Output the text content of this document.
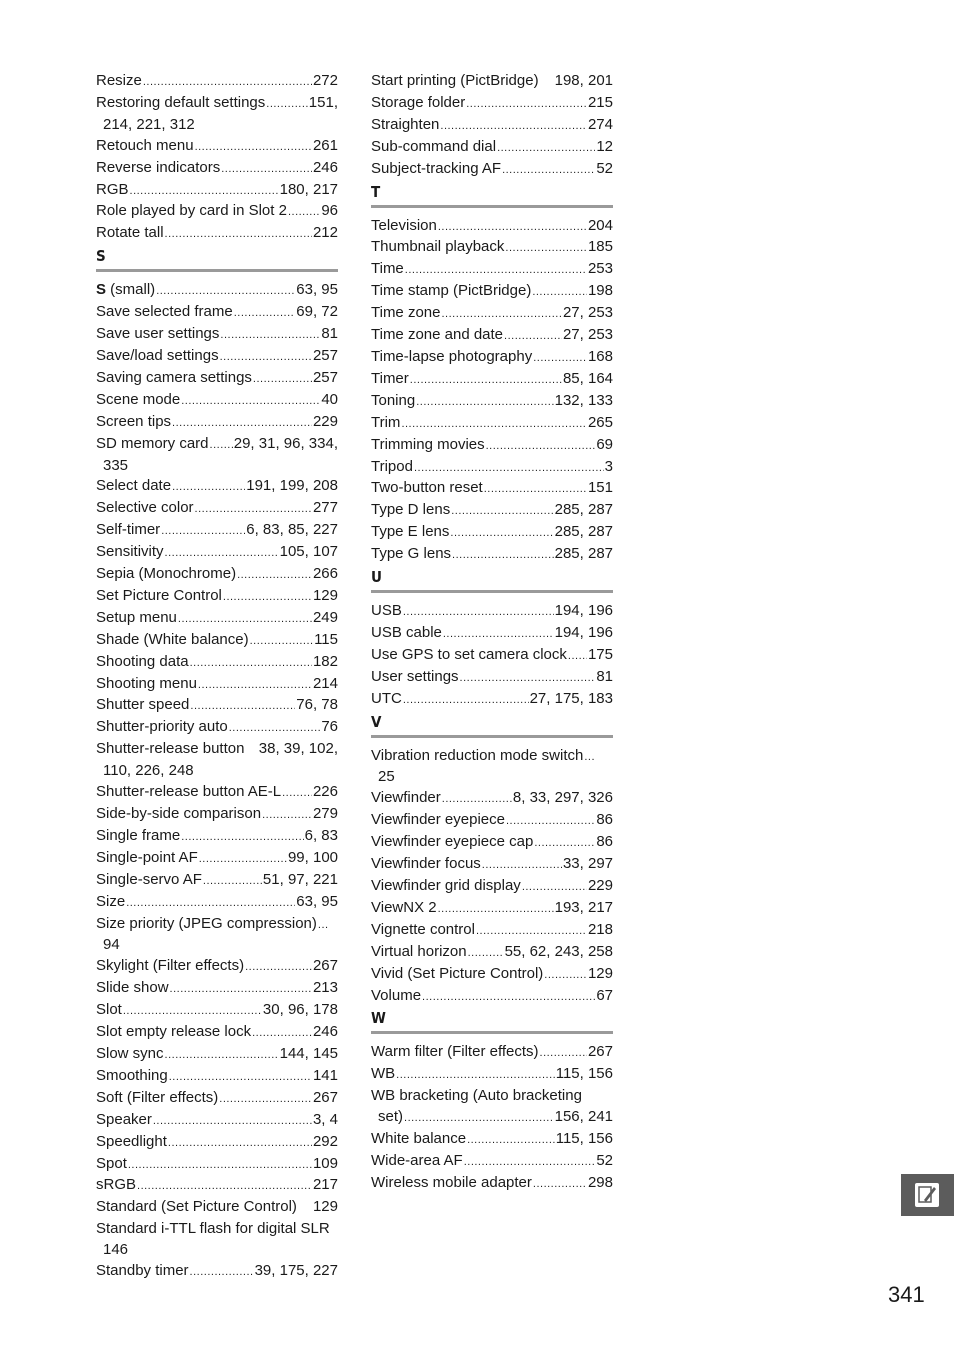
Resize .....	272
Restoring default settings .....	151,
214, 221, 312
Retouch menu .....	261
Reverse indicators .....	246
RGB .....	180, 217
Role played by card in Slot 2 ..... 96
Rotate tall .....	212
S
S (small) .....	63, 95
Save selected frame .....	69, 72
Save user settings .....	81
Save/load settings .....	257
Saving camera settings .....	257
Scene mode .....	40
Screen tips .....	229
SD memory card ..... 29, 31, 96, 334,
335
Select date .....	191, 199, 208
Selective color .....	277
Self-timer .....	6, 83, 85, 227
Sensitivity .....	105, 107
Sepia (Monochrome) .....	266
Set Picture Control .....	129
Setup menu .....	249
Shade (White balance) .....	115
Shooting data .....	182
Shooting menu .....	214
Shutter speed .....	76, 78
Shutter-priority auto .....	76
Shutter-release button 38, 39, 102,
110, 226, 248
Shutter-release button AE-L ..... 226
Side-by-side comparison .....	279
Single frame .....	6, 83
Single-point AF .....	99, 100
Single-servo AF .....	51, 97, 221
Size .....	63, 95
Size priority (JPEG compression)
.....
94
Skylight (Filter effects) .....	267
Slide show .....	213
Slot .....	30, 96, 178
Slot empty release lock .....	246
Slow sync .....	144, 145
Smoothing .....	141
Soft (Filter effects) .....	267
Speaker .....	3, 4
Speedlight .....	292
Spot .....	109
sRGB .....	217
Standard (Set Picture Control) 129
Standard i-TTL flash for digital SLR
146
Standby timer .....	39, 175, 227
Start printing (PictBridge) 198, 201
Storage folder .....	215
Straighten .....	274
Sub-command dial .....	12
Subject-tracking AF .....	52
T
Television .....	204
Thumbnail playback .....	185
Time .....	253
Time stamp (PictBridge) .....	198
Time zone .....	27, 253
Time zone and date .....	27, 253
Time-lapse photography .....	168
Timer .....	85, 164
Toning .....	132, 133
Trim .....	265
Trimming movies .....	69
Tripod .....	3
Two-button reset .....	151
Type D lens .....	285, 287
Type E lens .....	285, 287
Type G lens .....	285, 287
U
USB .....	194, 196
USB cable .....	194, 196
Use GPS to set camera clock ..... 175
User settings .....	81
UTC .....	27, 175, 183
V
Vibration reduction mode switch
.....
25
Viewfinder .....	8, 33, 297, 326
Viewfinder eyepiece .....	86
Viewfinder eyepiece cap .....	86
Viewfinder focus .....	33, 297
Viewfinder grid display .....	229
ViewNX 2 .....	193, 217
Vignette control .....	218
Virtual horizon .....	55, 62, 243, 258
Vivid (Set Picture Control) .....	129
Volume .....	67
W
Warm filter (Filter effects) .....	267
WB .....	115, 156
WB bracketing (Auto bracketing
set) .....	156, 241
White balance .....	115, 156
Wide-area AF .....	52
Wireless mobile adapter .....	298
341
